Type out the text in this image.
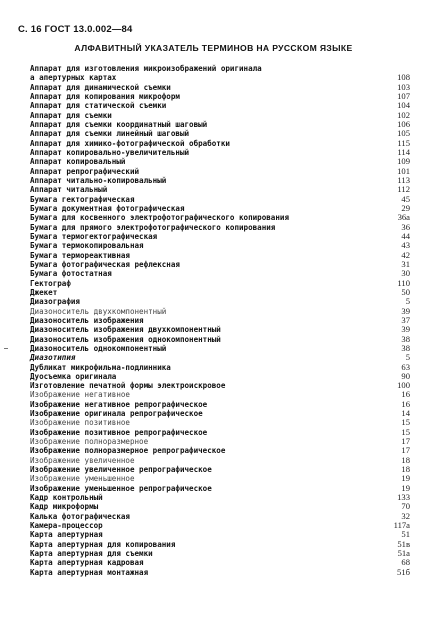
С. 16 ГОСТ 13.0.002—84
АЛФАВИТНЫЙ УКАЗАТЕЛЬ ТЕРМИНОВ НА РУССКОМ ЯЗЫКЕ
Аппарат для изготовления микроизображений оригинала
а апертурных картах	108
Аппарат для динамической съемки	103
Аппарат для копирования микроформ	107
Аппарат для статической съемки	104
Аппарат для съемки	102
Аппарат для съемки координатный шаговый	106
Аппарат для съемки линейный шаговый	105
Аппарат для химико-фотографической обработки	115
Аппарат копировально-увеличительный	114
Аппарат копировальный	109
Аппарат репрографический	101
Аппарат читально-копировальный	113
Аппарат читальный	112
Бумага гектографическая	45
Бумага документная фотографическая	29
Бумага для косвенного электрофотографического копирования	36а
Бумага для прямого электрофотографического копирования	36
Бумага термогектографическая	44
Бумага термокопировальная	43
Бумага термореактивная	42
Бумага фотографическая рефлексная	31
Бумага фотостатная	30
Гектограф	110
Джекет	50
Диазография	5
Диазоноситель двухкомпонентный	39
Диазоноситель изображения	37
Диазоноситель изображения двухкомпонентный	39
Диазоноситель изображения однокомпонентный	38
Диазоноситель однокомпонентный	38
Диазотипия	5
Дубликат микрофильма-подлинника	63
Дуосъемка оригинала	90
Изготовление печатной формы электроискровое	100
Изображение негативное	16
Изображение негативное репрографическое	16
Изображение оригинала репрографическое	14
Изображение позитивное	15
Изображение позитивное репрографическое	15
Изображение полноразмерное	17
Изображение полноразмерное репрографическое	17
Изображение увеличенное	18
Изображение увеличенное репрографическое	18
Изображение уменьшенное	19
Изображение уменьшенное репрографическое	19
Кадр контрольный	133
Кадр микроформы	70
Калька фотографическая	32
Камера-процессор	117а
Карта апертурная	51
Карта апертурная для копирования	51в
Карта апертурная для съемки	51а
Карта апертурная кадровая	68
Карта апертурная монтажная	51б
